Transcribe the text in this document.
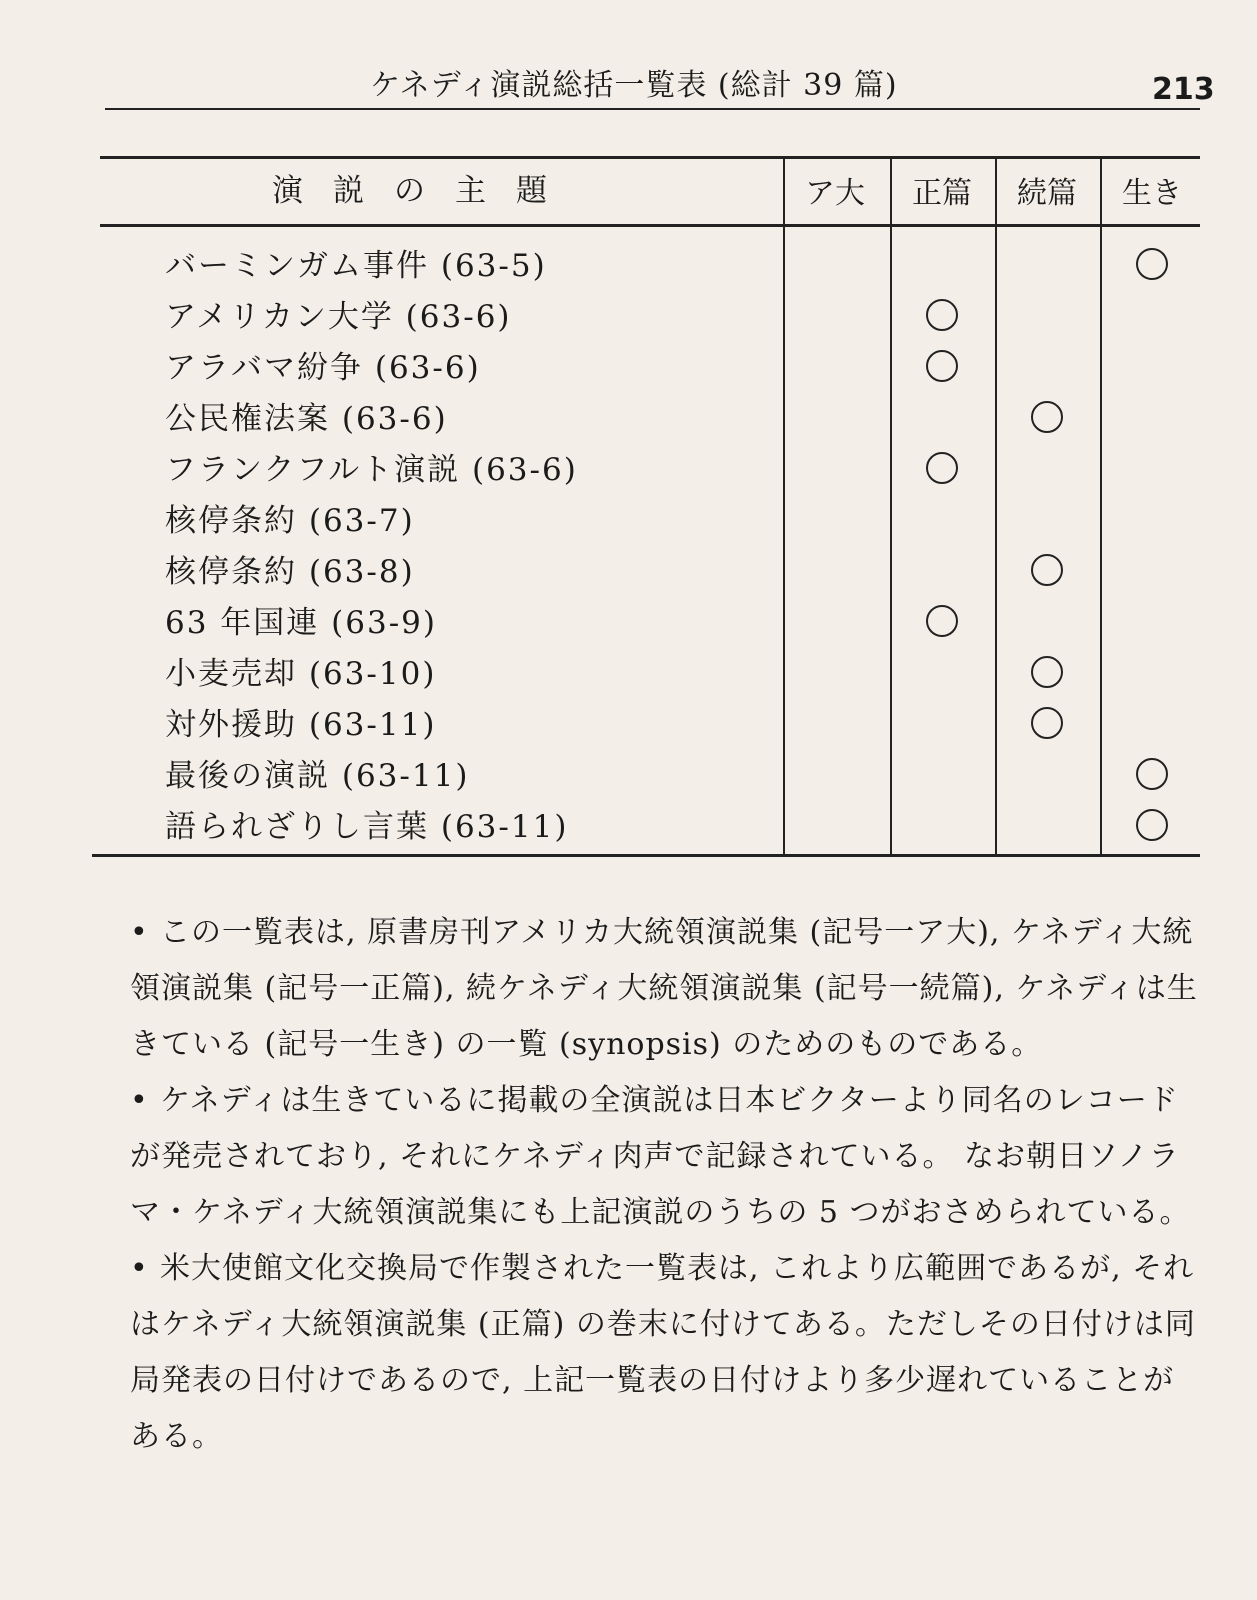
ケネディ演説総括一覧表 (総計 39 篇)	213
演説の主題	ア大 正篇 続篇 生き
バーミンガム事件 (63-5)
アメリカン大学 (63-6)
アラバマ紛争 (63-6)
公民権法案 (63-6)
フランクフルト演説 (63-6)
核停条約 (63-7)
核停条約 (63-8)
63 年国連 (63-9)
小麦売却 (63-10)
対外援助 (63-11)
最後の演説 (63-11)
語られざりし言葉 (63-11)

• この一覧表は, 原書房刊アメリカ大統領演説集 (記号一ア大), ケネディ大統領演説集 (記号一正篇), 続ケネディ大統領演説集 (記号一続篇), ケネディは生きている (記号一生き) の一覧 (synopsis) のためのものである。

• ケネディは生きているに掲載の全演説は日本ビクターより同名のレコードが発売されており, それにケネディ肉声で記録されている。 なお朝日ソノラマ・ケネディ大統領演説集にも上記演説のうちの 5 つがおさめられている。

• 米大使館文化交換局で作製された一覧表は, これより広範囲であるが, それはケネディ大統領演説集 (正篇) の巻末に付けてある。ただしその日付けは同局発表の日付けであるので, 上記一覧表の日付けより多少遅れていることがある。
